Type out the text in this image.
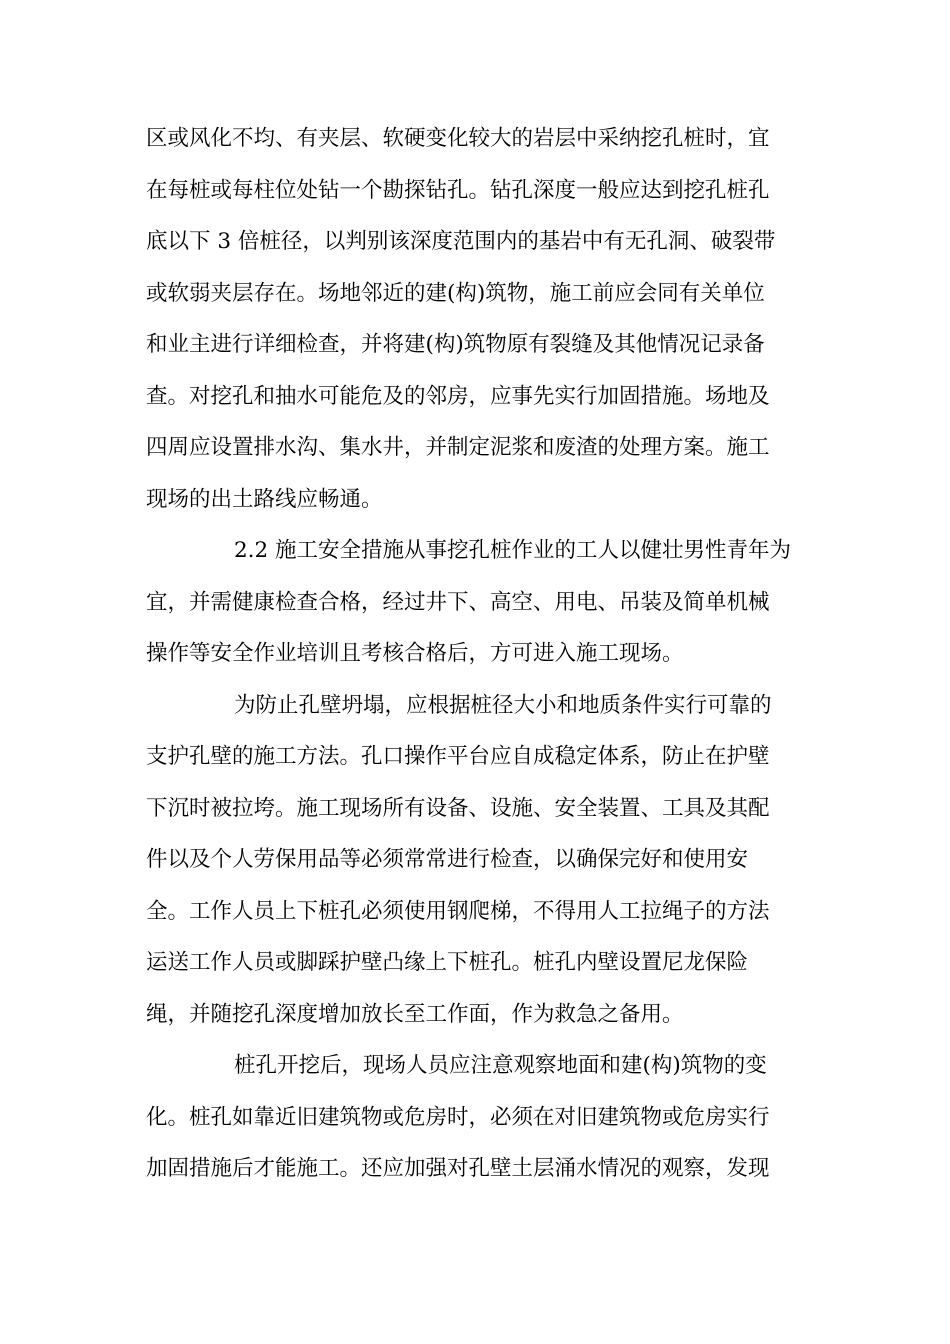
区或风化不均、有夹层、软硬变化较大的岩层中采纳挖孔桩时，宜
在每桩或每柱位处钻一个勘探钻孔。钻孔深度一般应达到挖孔桩孔
底以下 3 倍桩径，以判别该深度范围内的基岩中有无孔洞、破裂带
或软弱夹层存在。场地邻近的建(构)筑物，施工前应会同有关单位
和业主进行详细检查，并将建(构)筑物原有裂缝及其他情况记录备
查。对挖孔和抽水可能危及的邻房，应事先实行加固措施。场地及
四周应设置排水沟、集水井，并制定泥浆和废渣的处理方案。施工
现场的出土路线应畅通。
2.2 施工安全措施从事挖孔桩作业的工人以健壮男性青年为
宜，并需健康检查合格，经过井下、高空、用电、吊装及简单机械
操作等安全作业培训且考核合格后，方可进入施工现场。
为防止孔壁坍塌，应根据桩径大小和地质条件实行可靠的
支护孔壁的施工方法。孔口操作平台应自成稳定体系，防止在护壁
下沉时被拉垮。施工现场所有设备、设施、安全装置、工具及其配
件以及个人劳保用品等必须常常进行检查，以确保完好和使用安
全。工作人员上下桩孔必须使用钢爬梯，不得用人工拉绳子的方法
运送工作人员或脚踩护壁凸缘上下桩孔。桩孔内壁设置尼龙保险
绳，并随挖孔深度增加放长至工作面，作为救急之备用。
桩孔开挖后，现场人员应注意观察地面和建(构)筑物的变
化。桩孔如靠近旧建筑物或危房时，必须在对旧建筑物或危房实行
加固措施后才能施工。还应加强对孔壁土层涌水情况的观察，发现
